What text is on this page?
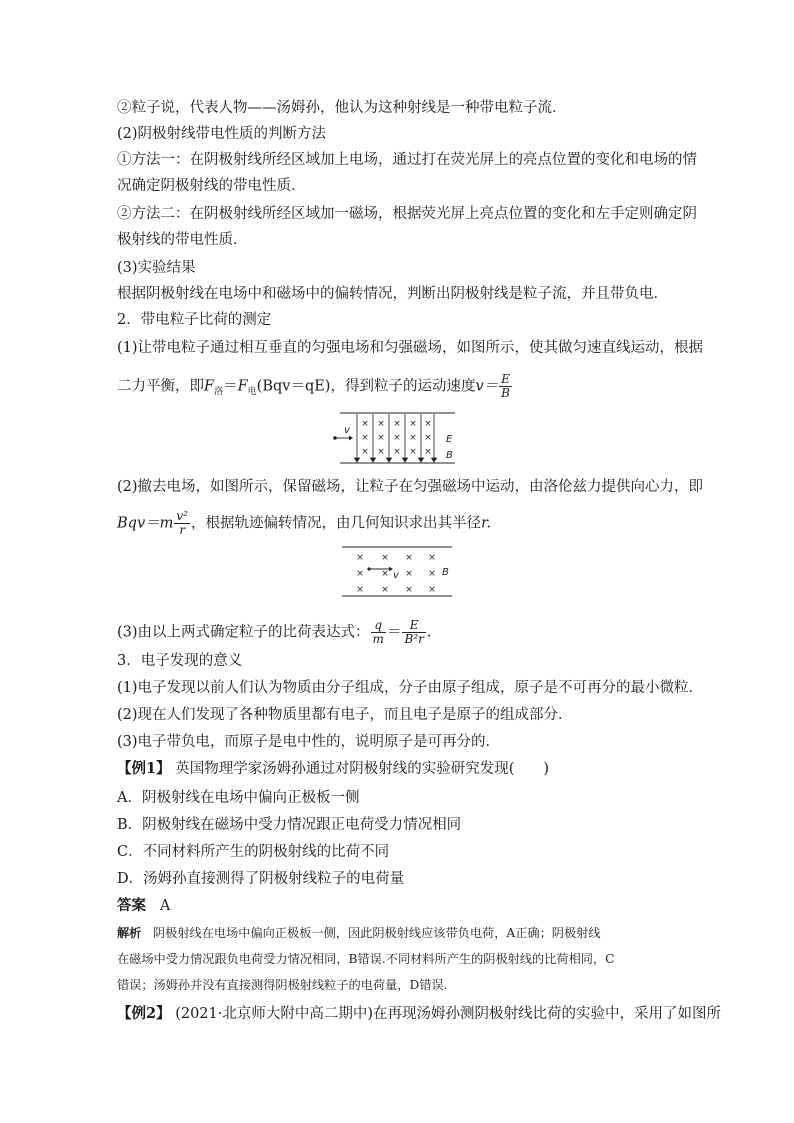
②粒子说，代表人物——汤姆孙，他认为这种射线是一种带电粒子流．
(2)阴极射线带电性质的判断方法
①方法一：在阴极射线所经区域加上电场，通过打在荧光屏上的亮点位置的变化和电场的情
况确定阴极射线的带电性质．
②方法二：在阴极射线所经区域加一磁场，根据荧光屏上亮点位置的变化和左手定则确定阴
极射线的带电性质．
(3)实验结果
根据阴极射线在电场中和磁场中的偏转情况，判断出阴极射线是粒子流，并且带负电．
2．带电粒子比荷的测定
(1)让带电粒子通过相互垂直的匀强电场和匀强磁场，如图所示，使其做匀速直线运动，根据
二力平衡，即$F_洛=F_电(Bqv=qE)$，得到粒子的运动速度$v= \frac{E}{B}$
× × × × ×
× × × × ×
× × × × ×
v
E
B
(2)撤去电场，如图所示，保留磁场，让粒子在匀强磁场中运动，由洛伦兹力提供向心力，即
$Bqv=m \frac{\text{v²}}{r}$ ，根据轨迹偏转情况，由几何知识求出其半径r.
× × × ×
× × × ×
× × × ×
v	B
(3)由以上两式确定粒子的比荷表达式： $\frac{q}{m} = \frac{E}{\text{B²r}}$ .
3．电子发现的意义
(1)电子发现以前人们认为物质由分子组成，分子由原子组成，原子是不可再分的最小微粒．
(2)现在人们发现了各种物质里都有电子，而且电子是原子的组成部分．
(3)电子带负电，而原子是电中性的，说明原子是可再分的．
【例1】 英国物理学家汤姆孙通过对阴极射线的实验研究发现(　　)
A．阴极射线在电场中偏向正极板一侧
B．阴极射线在磁场中受力情况跟正电荷受力情况相同
C．不同材料所产生的阴极射线的比荷不同
D．汤姆孙直接测得了阴极射线粒子的电荷量
答案 A
解析 阴极射线在电场中偏向正极板一侧，因此阴极射线应该带负电荷，A正确；阴极射线
在磁场中受力情况跟负电荷受力情况相同，B错误.不同材料所产生的阴极射线的比荷相同，C
错误；汤姆孙并没有直接测得阴极射线粒子的电荷量，D错误.
【例2】 (2021·北京师大附中高二期中)在再现汤姆孙测阴极射线比荷的实验中，采用了如图所
